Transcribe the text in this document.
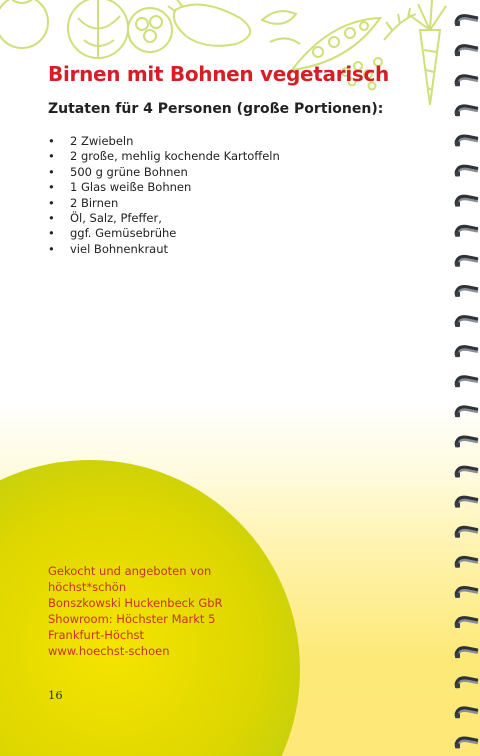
Birnen mit Bohnen vegetarisch
Zutaten für 4 Personen (große Portionen):
• 2 Zwiebeln
• 2 große, mehlig kochende Kartoffeln
• 500 g grüne Bohnen
• 1 Glas weiße Bohnen
• 2 Birnen
• Öl, Salz, Pfeffer,
• ggf. Gemüsebrühe
• viel Bohnenkraut
Gekocht und angeboten von
höchst*schön
Bonszkowski Huckenbeck GbR
Showroom: Höchster Markt 5
Frankfurt-Höchst
www.hoechst-schoen
16
